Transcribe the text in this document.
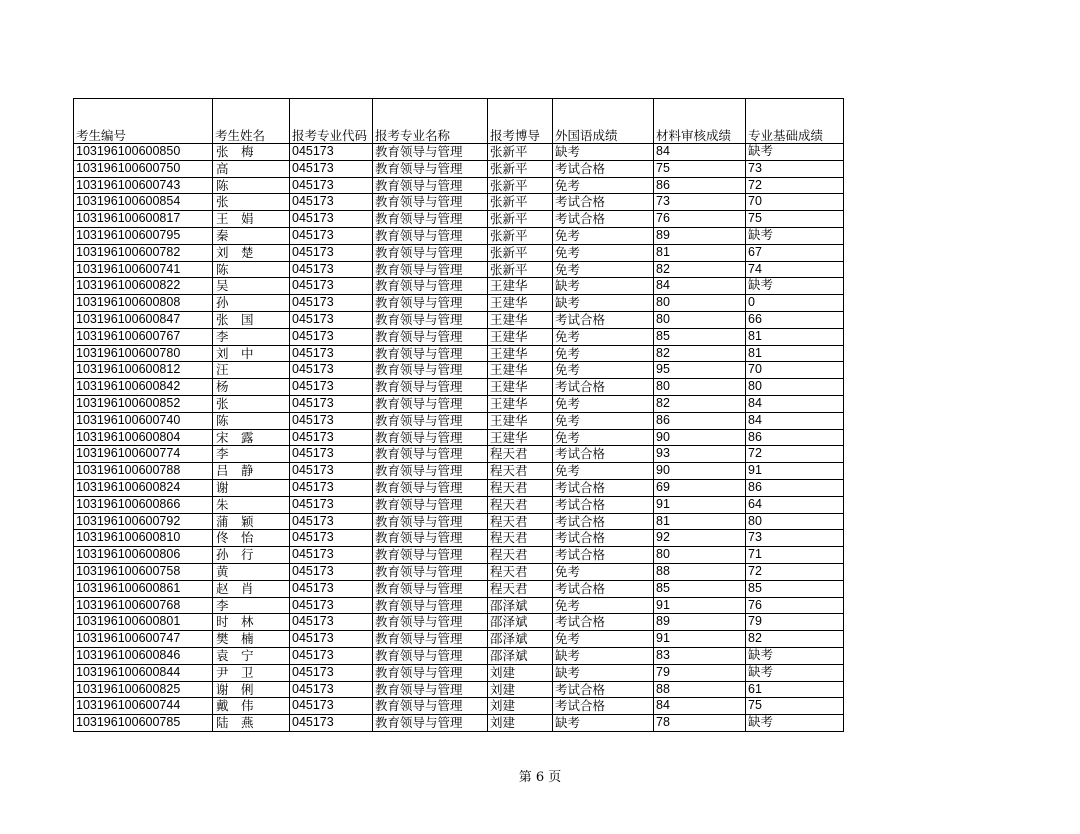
考生编号	考生姓名	报考专业代码	报考专业名称	报考博导	外国语成绩	材料审核成绩	专业基础成绩
103196100600850	张　梅	045173	教育领导与管理	张新平	缺考	84	缺考
103196100600750	高	045173	教育领导与管理	张新平	考试合格	75	73
103196100600743	陈	045173	教育领导与管理	张新平	免考	86	72
103196100600854	张	045173	教育领导与管理	张新平	考试合格	73	70
103196100600817	王　娟	045173	教育领导与管理	张新平	考试合格	76	75
103196100600795	秦	045173	教育领导与管理	张新平	免考	89	缺考
103196100600782	刘　楚	045173	教育领导与管理	张新平	免考	81	67
103196100600741	陈	045173	教育领导与管理	张新平	免考	82	74
103196100600822	吴	045173	教育领导与管理	王建华	缺考	84	缺考
103196100600808	孙	045173	教育领导与管理	王建华	缺考	80	0
103196100600847	张　国	045173	教育领导与管理	王建华	考试合格	80	66
103196100600767	李	045173	教育领导与管理	王建华	免考	85	81
103196100600780	刘　中	045173	教育领导与管理	王建华	免考	82	81
103196100600812	汪	045173	教育领导与管理	王建华	免考	95	70
103196100600842	杨	045173	教育领导与管理	王建华	考试合格	80	80
103196100600852	张	045173	教育领导与管理	王建华	免考	82	84
103196100600740	陈	045173	教育领导与管理	王建华	免考	86	84
103196100600804	宋　露	045173	教育领导与管理	王建华	免考	90	86
103196100600774	李	045173	教育领导与管理	程天君	考试合格	93	72
103196100600788	吕　静	045173	教育领导与管理	程天君	免考	90	91
103196100600824	谢	045173	教育领导与管理	程天君	考试合格	69	86
103196100600866	朱	045173	教育领导与管理	程天君	考试合格	91	64
103196100600792	蒲　颖	045173	教育领导与管理	程天君	考试合格	81	80
103196100600810	佟　怡	045173	教育领导与管理	程天君	考试合格	92	73
103196100600806	孙　行	045173	教育领导与管理	程天君	考试合格	80	71
103196100600758	黄	045173	教育领导与管理	程天君	免考	88	72
103196100600861	赵　肖	045173	教育领导与管理	程天君	考试合格	85	85
103196100600768	李	045173	教育领导与管理	邵泽斌	免考	91	76
103196100600801	时　林	045173	教育领导与管理	邵泽斌	考试合格	89	79
103196100600747	樊　楠	045173	教育领导与管理	邵泽斌	免考	91	82
103196100600846	袁　宁	045173	教育领导与管理	邵泽斌	缺考	83	缺考
103196100600844	尹　卫	045173	教育领导与管理	刘建	缺考	79	缺考
103196100600825	谢　俐	045173	教育领导与管理	刘建	考试合格	88	61
103196100600744	戴　伟	045173	教育领导与管理	刘建	考试合格	84	75
103196100600785	陆　燕	045173	教育领导与管理	刘建	缺考	78	缺考
第 6 页
